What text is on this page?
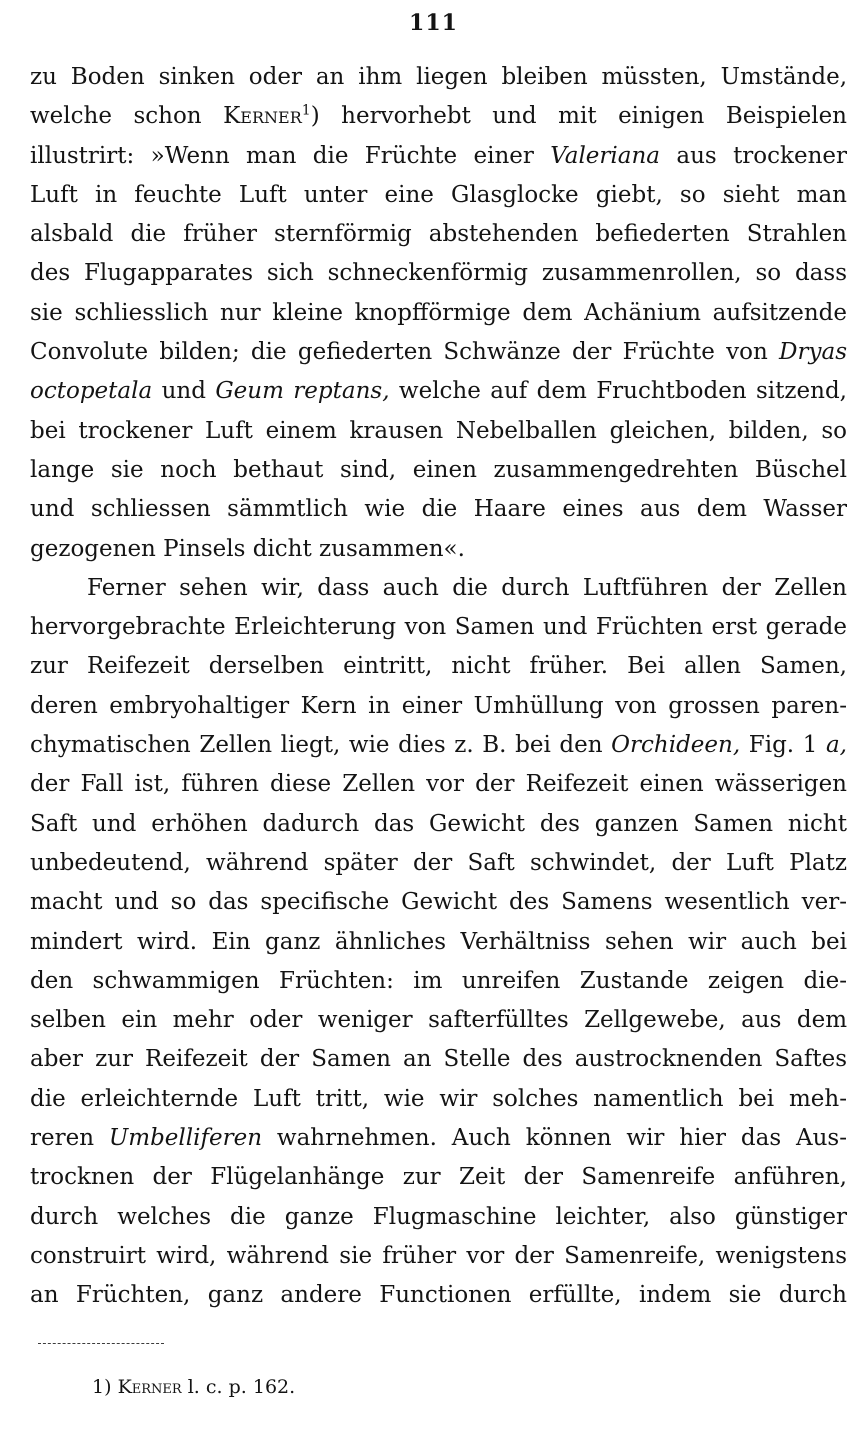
111
zu Boden sinken oder an ihm liegen bleiben müssten, Umstände,
welche schon Kerner$^1$) hervorhebt und mit einigen Beispielen
illustrirt: »Wenn man die Früchte einer Valeriana aus trockener
Luft in feuchte Luft unter eine Glasglocke giebt, so sieht man
alsbald die früher sternförmig abstehenden befiederten Strahlen
des Flugapparates sich schneckenförmig zusammenrollen, so dass
sie schliesslich nur kleine knopfförmige dem Achänium aufsitzende
Convolute bilden; die gefiederten Schwänze der Früchte von Dryas
octopetala und Geum reptans, welche auf dem Fruchtboden sitzend,
bei trockener Luft einem krausen Nebelballen gleichen, bilden, so
lange sie noch bethaut sind, einen zusammengedrehten Büschel
und schliessen sämmtlich wie die Haare eines aus dem Wasser
gezogenen Pinsels dicht zusammen«.
Ferner sehen wir, dass auch die durch Luftführen der Zellen
hervorgebrachte Erleichterung von Samen und Früchten erst gerade
zur Reifezeit derselben eintritt, nicht früher. Bei allen Samen,
deren embryohaltiger Kern in einer Umhüllung von grossen paren-
chymatischen Zellen liegt, wie dies z. B. bei den Orchideen, Fig. 1 a,
der Fall ist, führen diese Zellen vor der Reifezeit einen wässerigen
Saft und erhöhen dadurch das Gewicht des ganzen Samen nicht
unbedeutend, während später der Saft schwindet, der Luft Platz
macht und so das specifische Gewicht des Samens wesentlich ver-
mindert wird. Ein ganz ähnliches Verhältniss sehen wir auch bei
den schwammigen Früchten: im unreifen Zustande zeigen die-
selben ein mehr oder weniger safterfülltes Zellgewebe, aus dem
aber zur Reifezeit der Samen an Stelle des austrocknenden Saftes
die erleichternde Luft tritt, wie wir solches namentlich bei meh-
reren Umbelliferen wahrnehmen. Auch können wir hier das Aus-
trocknen der Flügelanhänge zur Zeit der Samenreife anführen,
durch welches die ganze Flugmaschine leichter, also günstiger
construirt wird, während sie früher vor der Samenreife, wenigstens
an Früchten, ganz andere Functionen erfüllte, indem sie durch
1) Kerner l. c. p. 162.
